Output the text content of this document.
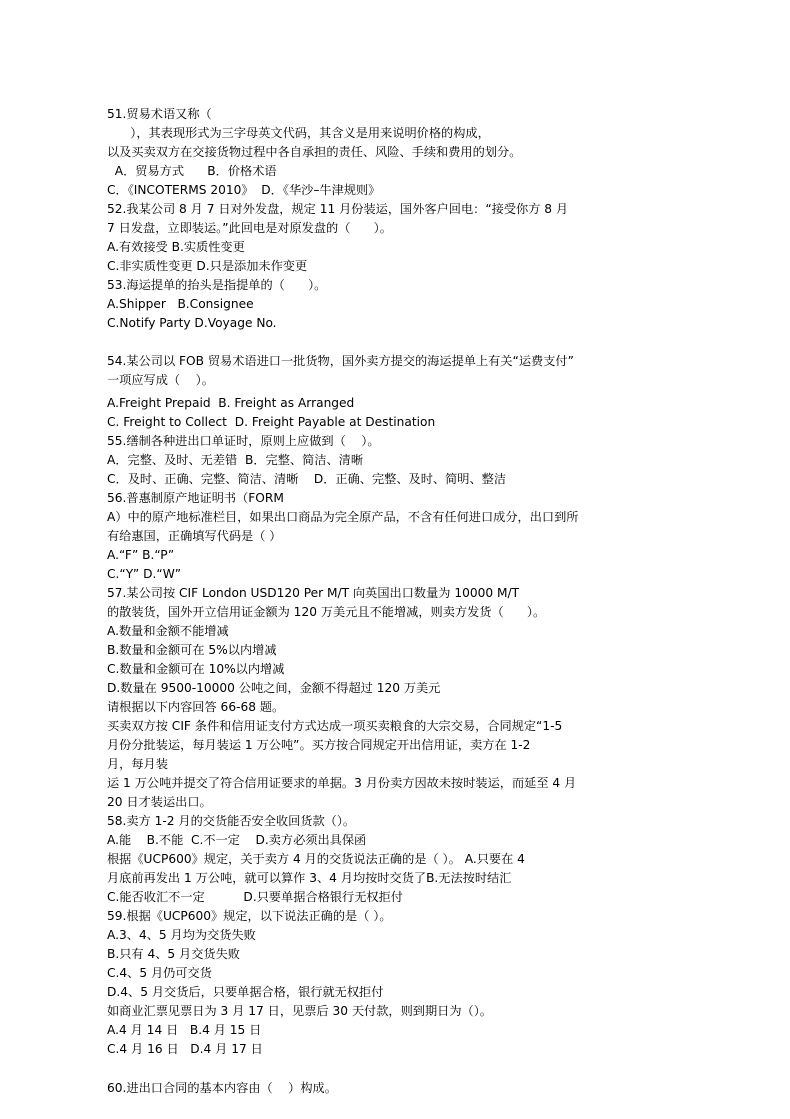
51.贸易术语又称（
），其表现形式为三字母英文代码，其含义是用来说明价格的构成，
以及买卖双方在交接货物过程中各自承担的责任、风险、手续和费用的划分。
A．贸易方式      B．价格术语
C．《INCOTERMS 2010》  D．《华沙–牛津规则》
52.我某公司 8 月 7 日对外发盘，规定 11 月份装运，国外客户回电：“接受你方 8 月
7 日发盘，立即装运。”此回电是对原发盘的（      ）。
A.有效接受 B.实质性变更
C.非实质性变更 D.只是添加未作变更
53.海运提单的抬头是指提单的（      ）。
A.Shipper   B.Consignee
C.Notify Party D.Voyage No.
54.某公司以 FOB 贸易术语进口一批货物，国外卖方提交的海运提单上有关“运费支付”
一项应写成（    ）。
A.Freight Prepaid  B. Freight as Arranged
C. Freight to Collect  D. Freight Payable at Destination
55.缮制各种进出口单证时，原则上应做到（    ）。
A．完整、及时、无差错  B．完整、简洁、清晰
C．及时、正确、完整、简洁、清晰    D．正确、完整、及时、简明、整洁
56.普惠制原产地证明书（FORM
A）中的原产地标准栏目，如果出口商品为完全原产品，不含有任何进口成分，出口到所
有给惠国，正确填写代码是（ ）
A.“F” B.“P”
C.“Y” D.“W”
57.某公司按 CIF London USD120 Per M/T 向英国出口数量为 10000 M/T
的散装货，国外开立信用证金额为 120 万美元且不能增减，则卖方发货（      ）。
A.数量和金额不能增减
B.数量和金额可在 5%以内增减
C.数量和金额可在 10%以内增减
D.数量在 9500-10000 公吨之间，金额不得超过 120 万美元
请根据以下内容回答 66-68 题。
买卖双方按 CIF 条件和信用证支付方式达成一项买卖粮食的大宗交易，合同规定“1-5
月份分批装运，每月装运 1 万公吨”。买方按合同规定开出信用证，卖方在 1-2
月，每月装
运 1 万公吨并提交了符合信用证要求的单据。3 月份卖方因故未按时装运，而延至 4 月
20 日才装运出口。
58.卖方 1-2 月的交货能否安全收回货款（）。
A.能    B.不能  C.不一定    D.卖方必须出具保函
根据《UCP600》规定，关于卖方 4 月的交货说法正确的是（ ）。 A.只要在 4
月底前再发出 1 万公吨，就可以算作 3、4 月均按时交货了B.无法按时结汇
C.能否收汇不一定          D.只要单据合格银行无权拒付
59.根据《UCP600》规定，以下说法正确的是（ ）。
A.3、4、5 月均为交货失败
B.只有 4、5 月交货失败
C.4、5 月仍可交货
D.4、5 月交货后，只要单据合格，银行就无权拒付
如商业汇票见票日为 3 月 17 日，见票后 30 天付款，则到期日为（）。
A.4 月 14 日   B.4 月 15 日
C.4 月 16 日   D.4 月 17 日
60.进出口合同的基本内容由（    ）构成。
